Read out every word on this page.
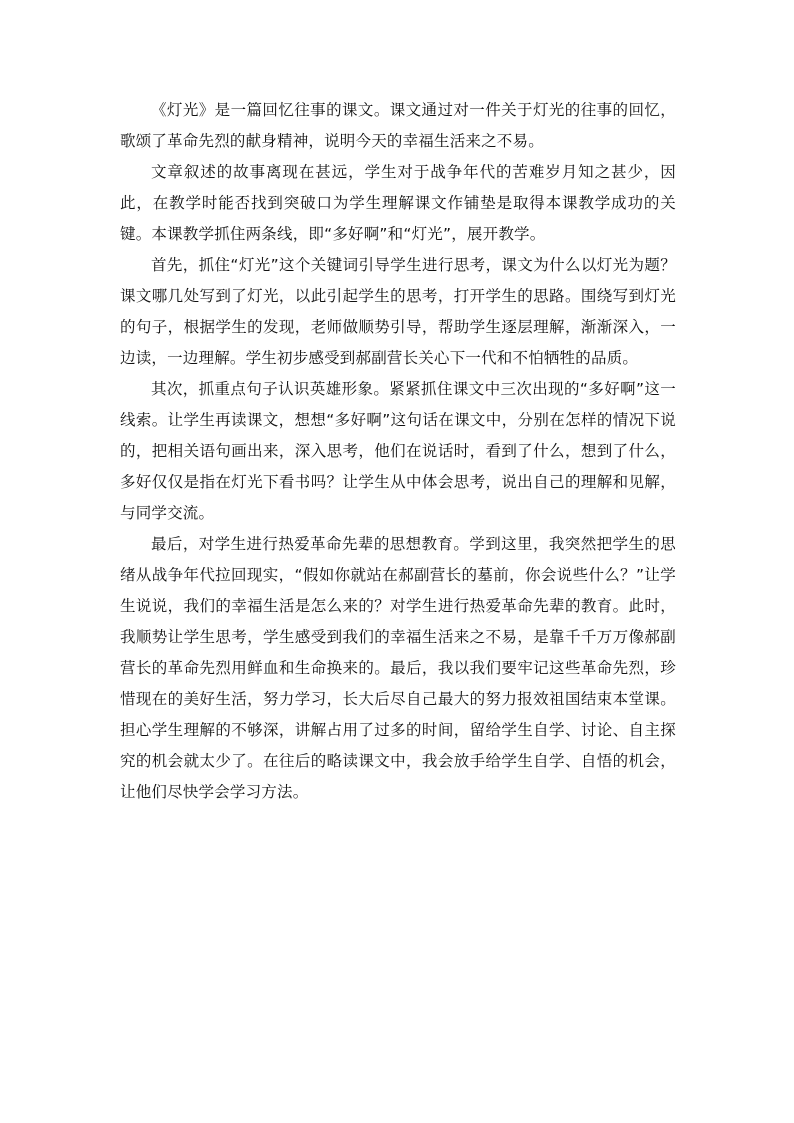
《灯光》是一篇回忆往事的课文。课文通过对一件关于灯光的往事的回忆，歌颂了革命先烈的献身精神，说明今天的幸福生活来之不易。

文章叙述的故事离现在甚远，学生对于战争年代的苦难岁月知之甚少，因此，在教学时能否找到突破口为学生理解课文作铺垫是取得本课教学成功的关键。本课教学抓住两条线，即“多好啊”和“灯光”，展开教学。

首先，抓住“灯光”这个关键词引导学生进行思考，课文为什么以灯光为题？课文哪几处写到了灯光，以此引起学生的思考，打开学生的思路。围绕写到灯光的句子，根据学生的发现，老师做顺势引导，帮助学生逐层理解，渐渐深入，一边读，一边理解。学生初步感受到郝副营长关心下一代和不怕牺牲的品质。

其次，抓重点句子认识英雄形象。紧紧抓住课文中三次出现的“多好啊”这一线索。让学生再读课文，想想“多好啊”这句话在课文中，分别在怎样的情况下说的，把相关语句画出来，深入思考，他们在说话时，看到了什么，想到了什么，多好仅仅是指在灯光下看书吗？让学生从中体会思考，说出自己的理解和见解，与同学交流。

最后，对学生进行热爱革命先辈的思想教育。学到这里，我突然把学生的思绪从战争年代拉回现实，“假如你就站在郝副营长的墓前，你会说些什么？”让学生说说，我们的幸福生活是怎么来的？对学生进行热爱革命先辈的教育。此时，我顺势让学生思考，学生感受到我们的幸福生活来之不易，是靠千千万万像郝副营长的革命先烈用鲜血和生命换来的。最后，我以我们要牢记这些革命先烈，珍惜现在的美好生活，努力学习，长大后尽自己最大的努力报效祖国结束本堂课。担心学生理解的不够深，讲解占用了过多的时间，留给学生自学、讨论、自主探究的机会就太少了。在往后的略读课文中，我会放手给学生自学、自悟的机会，让他们尽快学会学习方法。
